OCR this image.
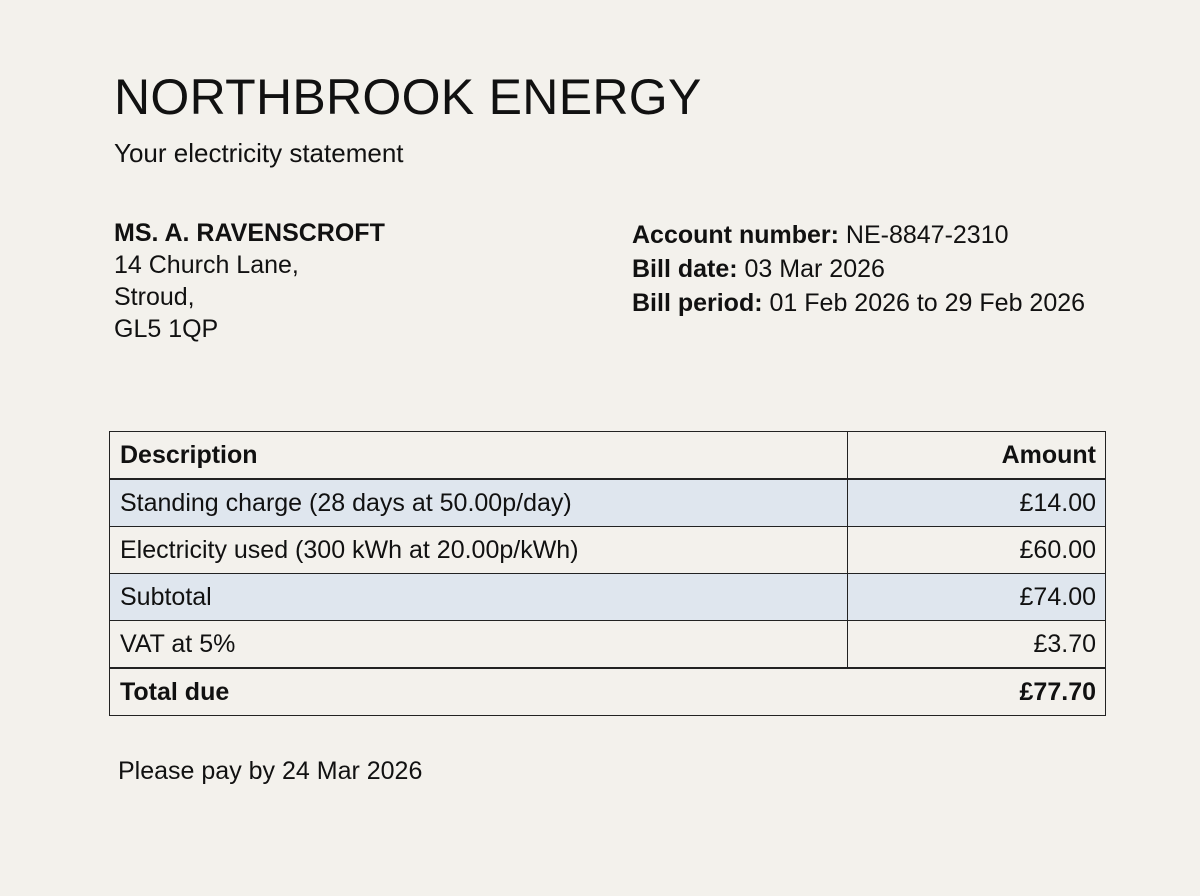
NORTHBROOK ENERGY
Your electricity statement
MS. A. RAVENSCROFT
14 Church Lane,
Stroud,
GL5 1QP
Account number: NE-8847-2310
Bill date: 03 Mar 2026
Bill period: 01 Feb 2026 to 29 Feb 2026
Description	Amount
Standing charge (28 days at 50.00p/day)	£14.00
Electricity used (300 kWh at 20.00p/kWh)	£60.00
Subtotal	£74.00
VAT at 5%	£3.70
Total due	£77.70
Please pay by 24 Mar 2026
